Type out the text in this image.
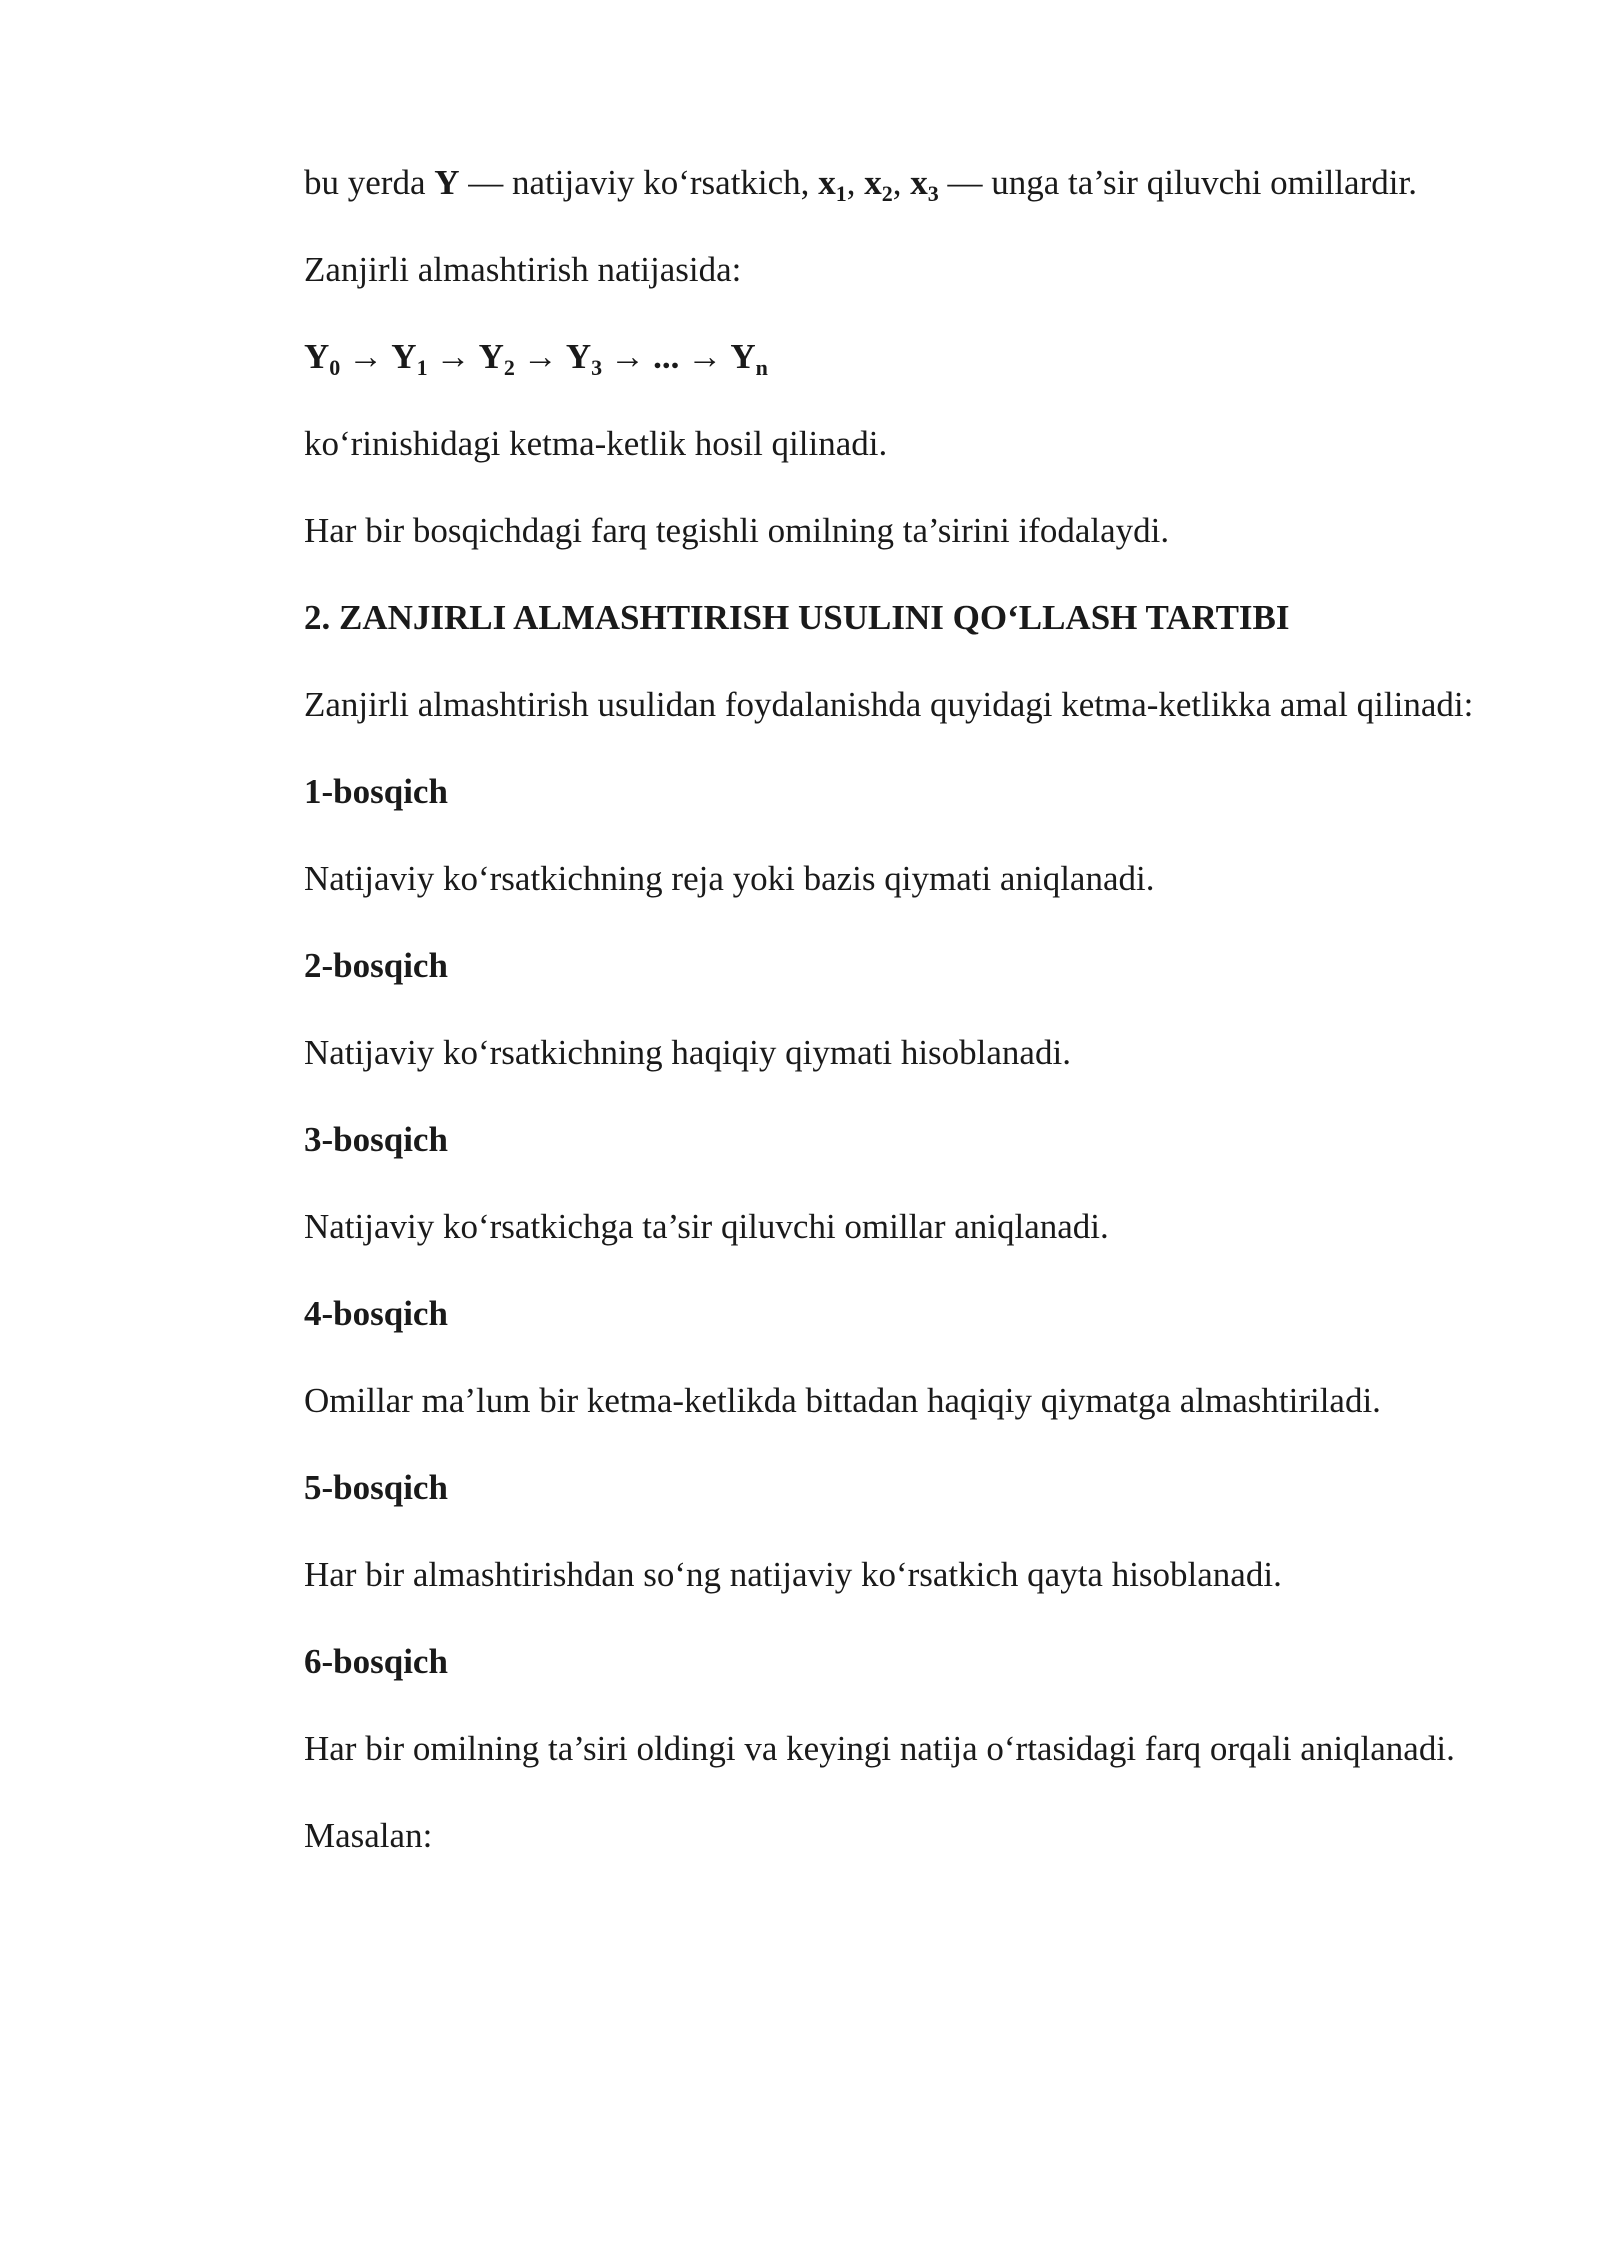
bu yerda Y — natijaviy ko‘rsatkich, $x_1$, $x_2$, $x_3$ — unga ta’sir qiluvchi omillardir.

Zanjirli almashtirish natijasida:

$Y_0 \to Y_1 \to Y_2 \to Y_3$ → ... → $Y_n$

ko‘rinishidagi ketma-ketlik hosil qilinadi.

Har bir bosqichdagi farq tegishli omilning ta’sirini ifodalaydi.

2. ZANJIRLI ALMASHTIRISH USULINI QO‘LLASH TARTIBI

Zanjirli almashtirish usulidan foydalanishda quyidagi ketma-ketlikka amal qilinadi:

1-bosqich

Natijaviy ko‘rsatkichning reja yoki bazis qiymati aniqlanadi.

2-bosqich

Natijaviy ko‘rsatkichning haqiqiy qiymati hisoblanadi.

3-bosqich

Natijaviy ko‘rsatkichga ta’sir qiluvchi omillar aniqlanadi.

4-bosqich

Omillar ma’lum bir ketma-ketlikda bittadan haqiqiy qiymatga almashtiriladi.

5-bosqich

Har bir almashtirishdan so‘ng natijaviy ko‘rsatkich qayta hisoblanadi.

6-bosqich

Har bir omilning ta’siri oldingi va keyingi natija o‘rtasidagi farq orqali aniqlanadi.

Masalan:
